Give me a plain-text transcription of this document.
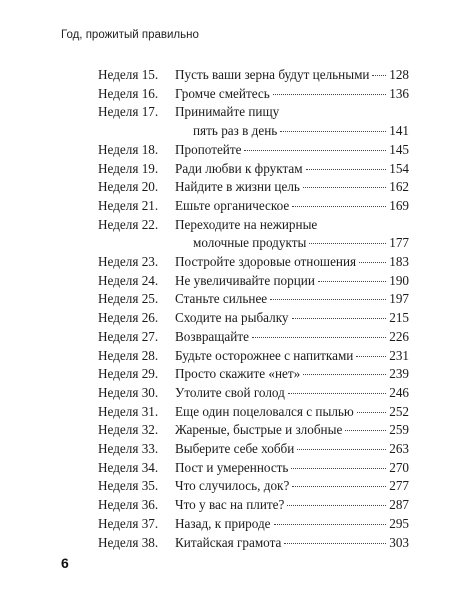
Год, прожитый правильно
Неделя 15.	Пусть ваши зерна будут цельными 128
Неделя 16.	Громче смейтесь	136
Неделя 17.	Принимайте пищу
пять раз в день	141
Неделя 18.	Пропотейте	145
Неделя 19.	Ради любви к фруктам	154
Неделя 20.	Найдите в жизни цель	162
Неделя 21.	Ешьте органическое	169
Неделя 22.	Переходите на нежирные
молочные продукты	177
Неделя 23.	Постройте здоровые отношения	183
Неделя 24.	Не увеличивайте порции	190
Неделя 25.	Станьте сильнее	197
Неделя 26.	Сходите на рыбалку	215
Неделя 27.	Возвращайте	226
Неделя 28.	Будьте осторожнее с напитками	231
Неделя 29.	Просто скажите «нет»	239
Неделя 30.	Утолите свой голод	246
Неделя 31.	Еще один поцеловался с пылью	252
Неделя 32.	Жареные, быстрые и злобные	259
Неделя 33.	Выберите себе хобби	263
Неделя 34.	Пост и умеренность	270
Неделя 35.	Что случилось, док?	277
Неделя 36.	Что у вас на плите?	287
Неделя 37.	Назад, к природе	295
Неделя 38.	Китайская грамота	303
6
